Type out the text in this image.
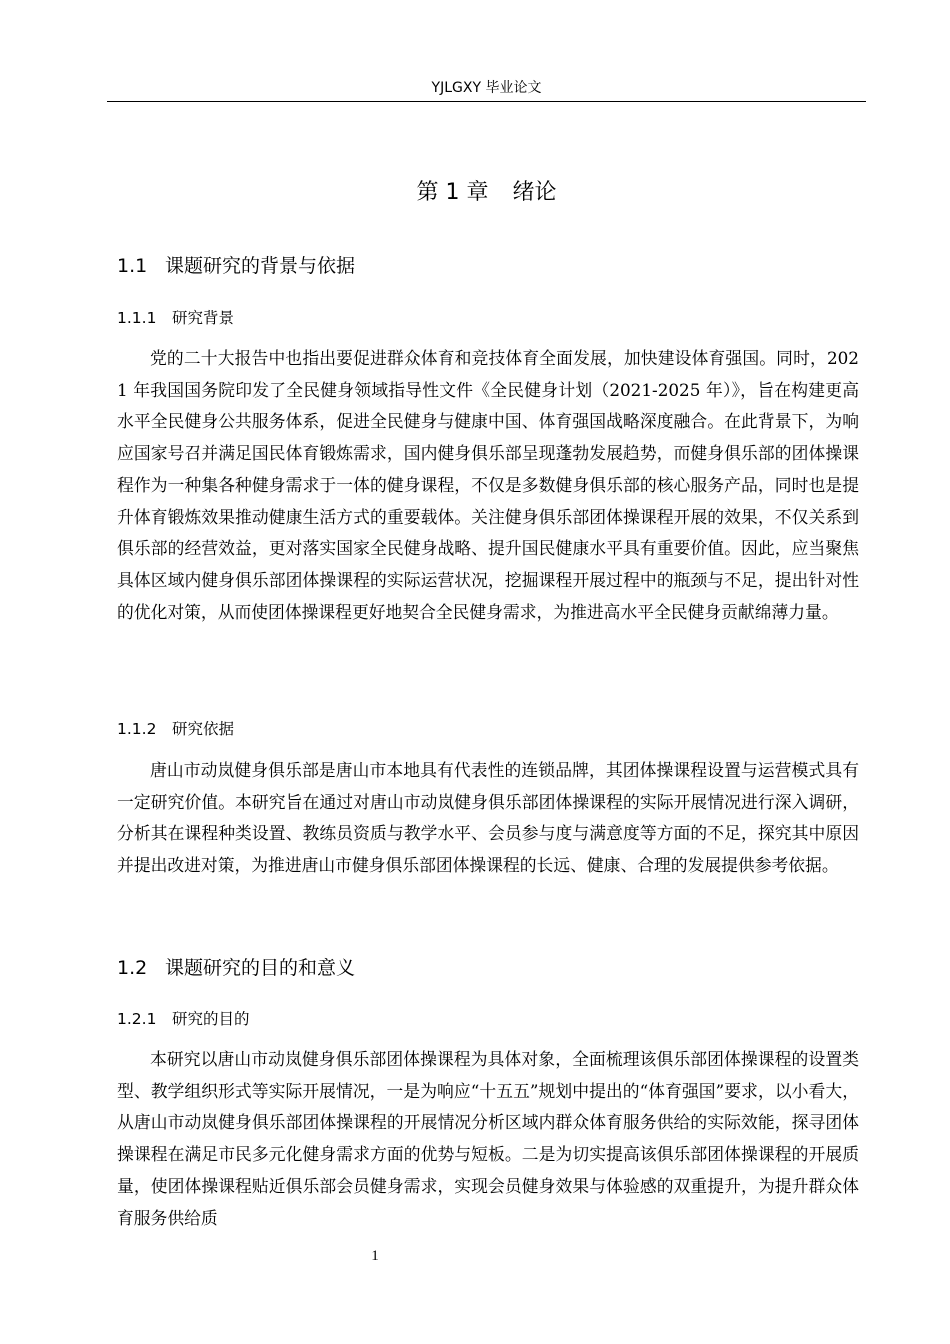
YJLGXY 毕业论文
第 1 章 绪论
1.1 课题研究的背景与依据
1.1.1 研究背景

党的二十大报告中也指出要促进群众体育和竞技体育全面发展，加快建设体育强国。同时，2021 年我国国务院印发了全民健身领域指导性文件《全民健身计划（2021-2025 年）》，旨在构建更高水平全民健身公共服务体系，促进全民健身与健康中国、体育强国战略深度融合。在此背景下，为响应国家号召并满足国民体育锻炼需求，国内健身俱乐部呈现蓬勃发展趋势，而健身俱乐部的团体操课程作为一种集各种健身需求于一体的健身课程，不仅是多数健身俱乐部的核心服务产品，同时也是提升体育锻炼效果推动健康生活方式的重要载体。关注健身俱乐部团体操课程开展的效果，不仅关系到俱乐部的经营效益，更对落实国家全民健身战略、提升国民健康水平具有重要价值。因此，应当聚焦具体区域内健身俱乐部团体操课程的实际运营状况，挖掘课程开展过程中的瓶颈与不足，提出针对性的优化对策，从而使团体操课程更好地契合全民健身需求，为推进高水平全民健身贡献绵薄力量。

1.1.2 研究依据

唐山市动岚健身俱乐部是唐山市本地具有代表性的连锁品牌，其团体操课程设置与运营模式具有一定研究价值。本研究旨在通过对唐山市动岚健身俱乐部团体操课程的实际开展情况进行深入调研，分析其在课程种类设置、教练员资质与教学水平、会员参与度与满意度等方面的不足，探究其中原因并提出改进对策，为推进唐山市健身俱乐部团体操课程的长远、健康、合理的发展提供参考依据。

1.2 课题研究的目的和意义
1.2.1 研究的目的

本研究以唐山市动岚健身俱乐部团体操课程为具体对象，全面梳理该俱乐部团体操课程的设置类型、教学组织形式等实际开展情况，一是为响应“十五五”规划中提出的“体育强国”要求，以小看大，从唐山市动岚健身俱乐部团体操课程的开展情况分析区域内群众体育服务供给的实际效能，探寻团体操课程在满足市民多元化健身需求方面的优势与短板。二是为切实提高该俱乐部团体操课程的开展质量，使团体操课程贴近俱乐部会员健身需求，实现会员健身效果与体验感的双重提升，为提升群众体育服务供给质

1
